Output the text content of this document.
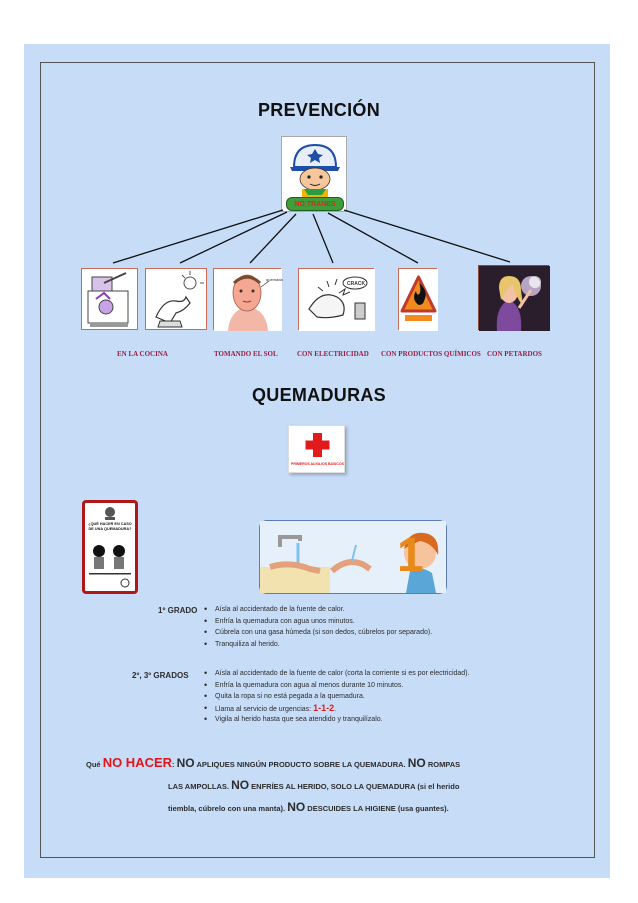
PREVENCIÓN
NO TRANES
quemada
CRACK
EN LA COCINA	TOMANDO EL SOL	CON ELECTRICIDAD CON PRODUCTOS QUÍMICOS CON PETARDOS
QUEMADURAS
PRIMEROS AUXILIOS BÁSICOS
¿QUÉ HACER EN CASO DE UNA QUEMADURA?
1
1º GRADO	• Aísla al accidentado de la fuente de calor.
• Enfría la quemadura con agua unos minutos.
• Cúbrela con una gasa húmeda (si son dedos, cúbrelos por separado).
• Tranquiliza al herido.
2º, 3º GRADOS	• Aísla al accidentado de la fuente de calor (corta la corriente si es por electricidad).
• Enfría la quemadura con agua al menos durante 10 minutos.
• Quita la ropa si no está pegada a la quemadura.
• Llama al servicio de urgencias: 1-1-2.
• Vigila al herido hasta que sea atendido y tranquilízalo.
Qué NO HACER: NO APLIQUES NINGÚN PRODUCTO SOBRE LA QUEMADURA. NO ROMPAS
LAS AMPOLLAS. NO ENFRÍES AL HERIDO, SOLO LA QUEMADURA (si el herido
tiembla, cúbrelo con una manta). NO DESCUIDES LA HIGIENE (usa guantes).
